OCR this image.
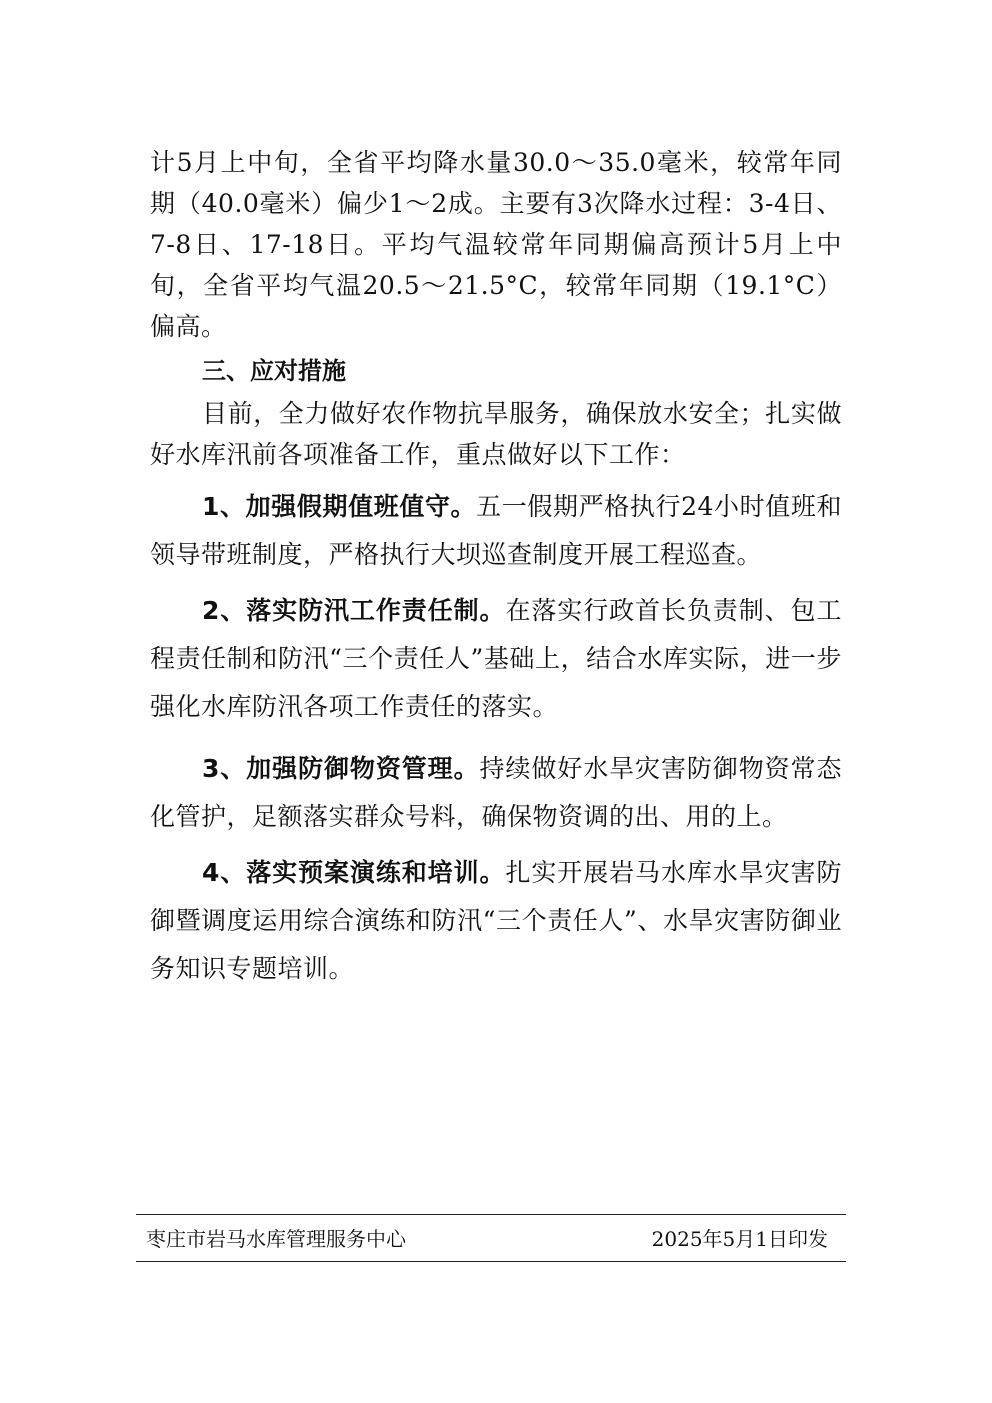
计5月上中旬，全省平均降水量30.0～35.0毫米，较常年同期（40.0毫米）偏少1～2成。主要有3次降水过程：3-4日、7-8日、17-18日。平均气温较常年同期偏高预计5月上中旬，全省平均气温20.5～21.5°C，较常年同期（19.1°C）偏高。

三、应对措施

目前，全力做好农作物抗旱服务，确保放水安全；扎实做好水库汛前各项准备工作，重点做好以下工作：

1、加强假期值班值守。五一假期严格执行24小时值班和领导带班制度，严格执行大坝巡查制度开展工程巡查。

2、落实防汛工作责任制。在落实行政首长负责制、包工程责任制和防汛“三个责任人”基础上，结合水库实际，进一步强化水库防汛各项工作责任的落实。

3、加强防御物资管理。持续做好水旱灾害防御物资常态化管护，足额落实群众号料，确保物资调的出、用的上。

4、落实预案演练和培训。扎实开展岩马水库水旱灾害防御暨调度运用综合演练和防汛“三个责任人”、水旱灾害防御业务知识专题培训。

枣庄市岩马水库管理服务中心	2025年5月1日印发
